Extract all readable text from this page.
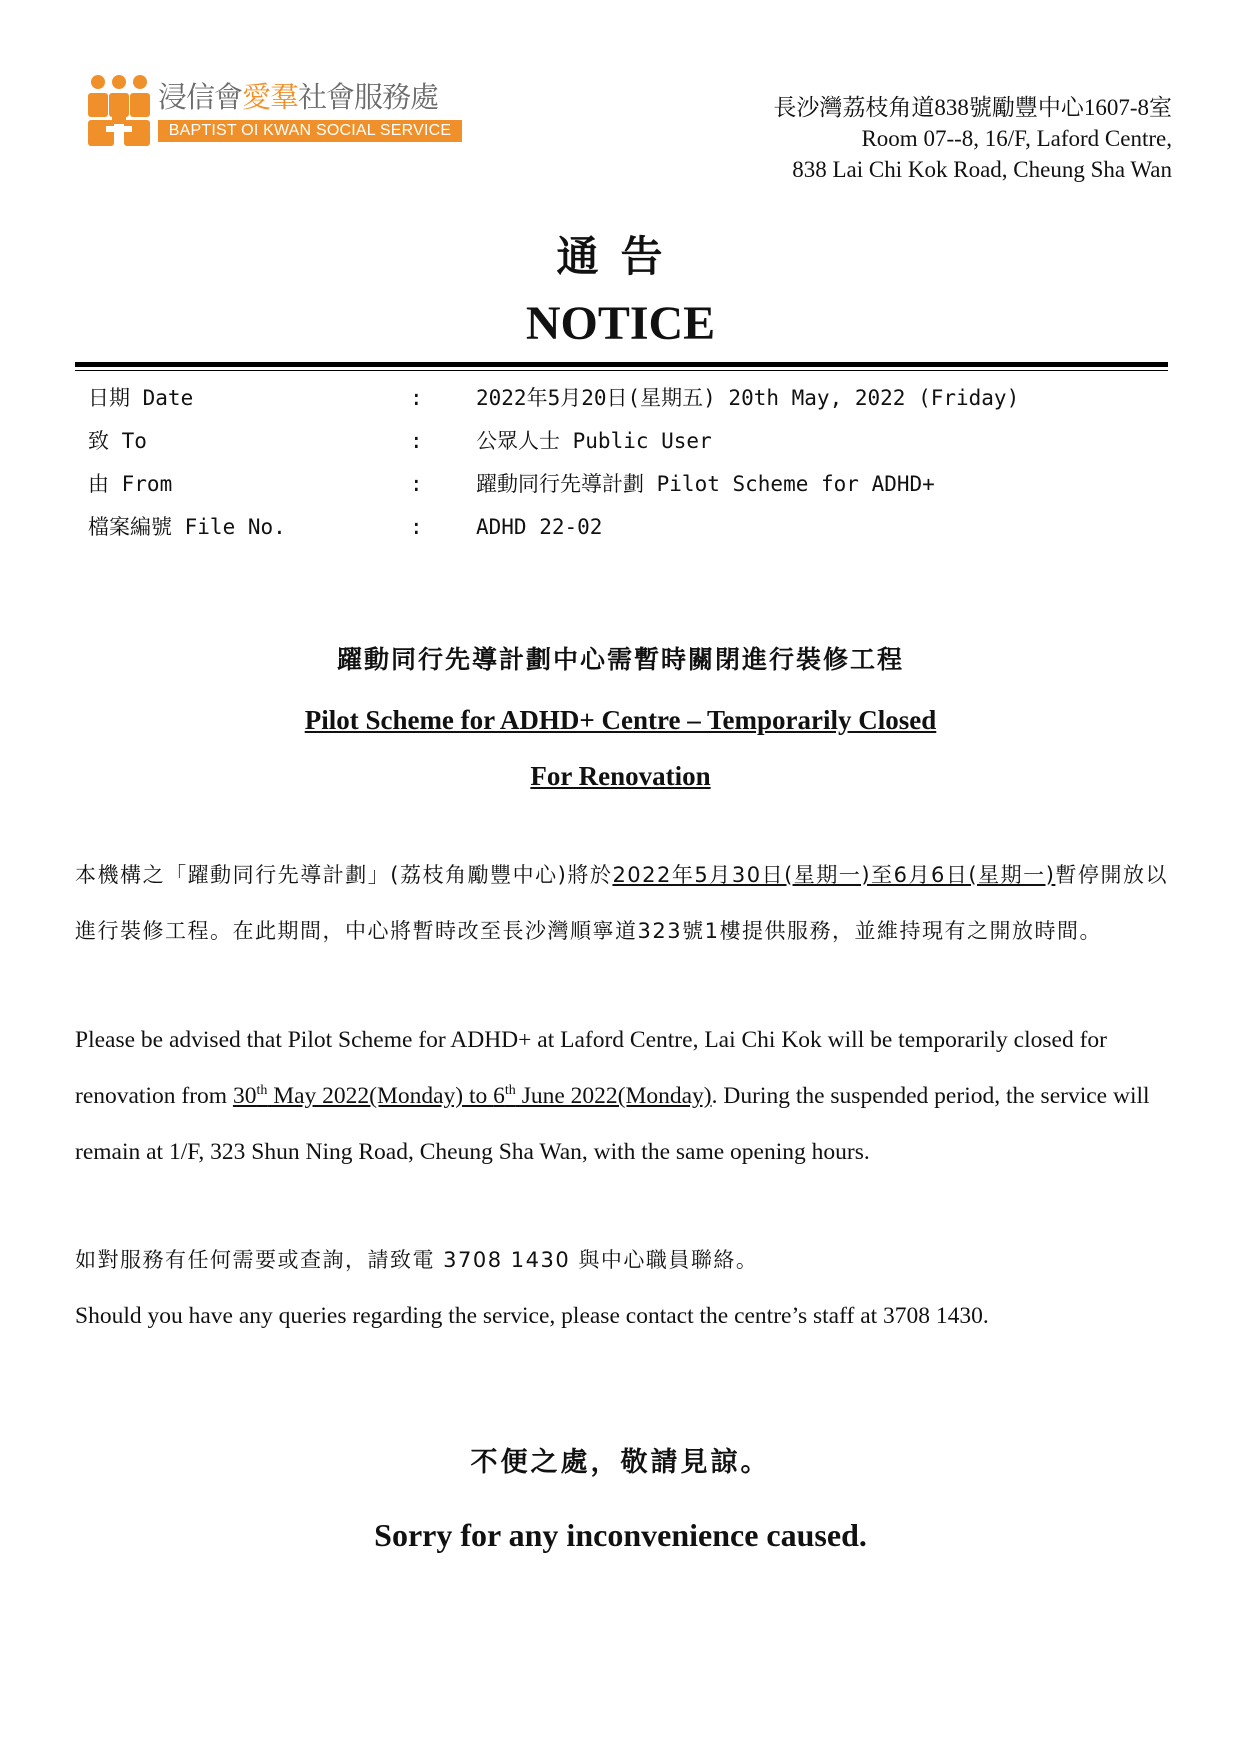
浸信會愛羣社會服務處
BAPTIST OI KWAN SOCIAL SERVICE
長沙灣荔枝角道838號勵豐中心1607-8室
Room 07--8, 16/F, Laford Centre,
838 Lai Chi Kok Road, Cheung Sha Wan
通告
NOTICE
日期 Date	:	2022年5月20日(星期五) 20th May, 2022 (Friday)
致 To	:	公眾人士 Public User
由 From	:	躍動同行先導計劃 Pilot Scheme for ADHD+
檔案編號 File No.	:	ADHD 22-02
躍動同行先導計劃中心需暫時關閉進行裝修工程
Pilot Scheme for ADHD+ Centre – Temporarily Closed
For Renovation
本機構之「躍動同行先導計劃」(荔枝角勵豐中心)將於2022年5月30日(星期一)至6月6日(星期一)暫停開放以進行裝修工程。在此期間，中心將暫時改至長沙灣順寧道323號1樓提供服務，並維持現有之開放時間。
Please be advised that Pilot Scheme for ADHD+ at Laford Centre, Lai Chi Kok will be temporarily closed for renovation from 30th May 2022(Monday) to 6th June 2022(Monday). During the suspended period, the service will remain at 1/F, 323 Shun Ning Road, Cheung Sha Wan, with the same opening hours.
如對服務有任何需要或查詢，請致電 3708 1430 與中心職員聯絡。
Should you have any queries regarding the service, please contact the centre’s staff at 3708 1430.
不便之處，敬請見諒。
Sorry for any inconvenience caused.
